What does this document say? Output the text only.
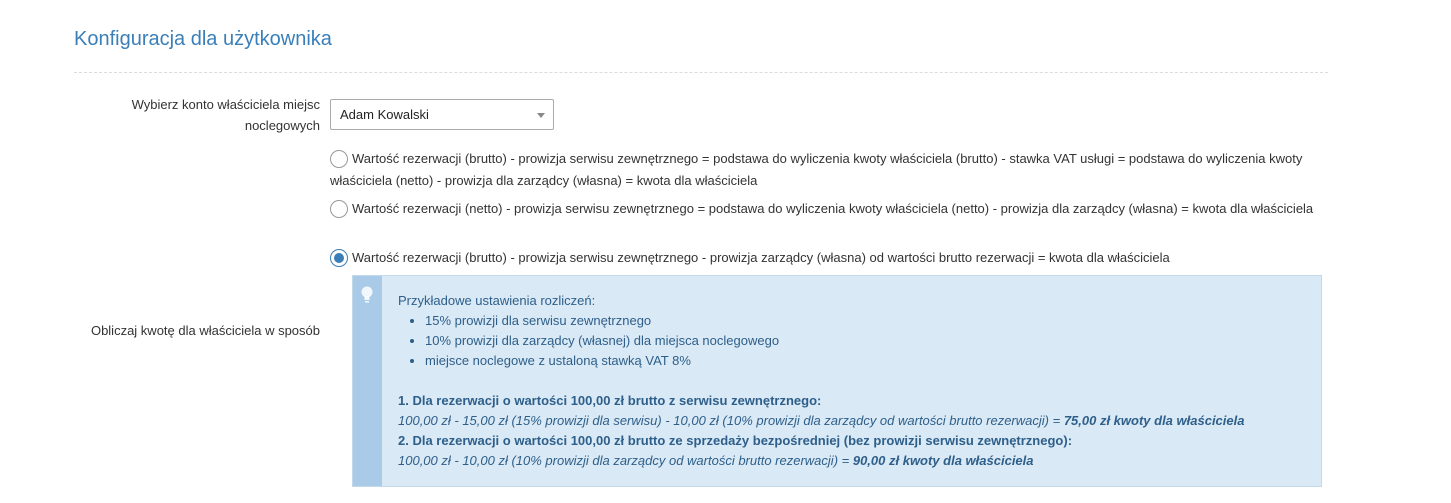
Konfiguracja dla użytkownika
Wybierz konto właściciela miejsc noclegowych
Adam Kowalski
Wartość rezerwacji (brutto) - prowizja serwisu zewnętrznego = podstawa do wyliczenia kwoty właściciela (brutto) - stawka VAT usługi = podstawa do wyliczenia kwoty właściciela (netto) - prowizja dla zarządcy (własna) = kwota dla właściciela
Wartość rezerwacji (netto) - prowizja serwisu zewnętrznego = podstawa do wyliczenia kwoty właściciela (netto) - prowizja dla zarządcy (własna) = kwota dla właściciela
Wartość rezerwacji (brutto) - prowizja serwisu zewnętrznego - prowizja zarządcy (własna) od wartości brutto rezerwacji = kwota dla właściciela
Obliczaj kwotę dla właściciela w sposób
Przykładowe ustawienia rozliczeń:
• 15% prowizji dla serwisu zewnętrznego
• 10% prowizji dla zarządcy (własnej) dla miejsca noclegowego
• miejsce noclegowe z ustaloną stawką VAT 8%
1. Dla rezerwacji o wartości 100,00 zł brutto z serwisu zewnętrznego:
100,00 zł - 15,00 zł (15% prowizji dla serwisu) - 10,00 zł (10% prowizji dla zarządcy od wartości brutto rezerwacji) = 75,00 zł kwoty dla właściciela
2. Dla rezerwacji o wartości 100,00 zł brutto ze sprzedaży bezpośredniej (bez prowizji serwisu zewnętrznego):
100,00 zł - 10,00 zł (10% prowizji dla zarządcy od wartości brutto rezerwacji) = 90,00 zł kwoty dla właściciela
